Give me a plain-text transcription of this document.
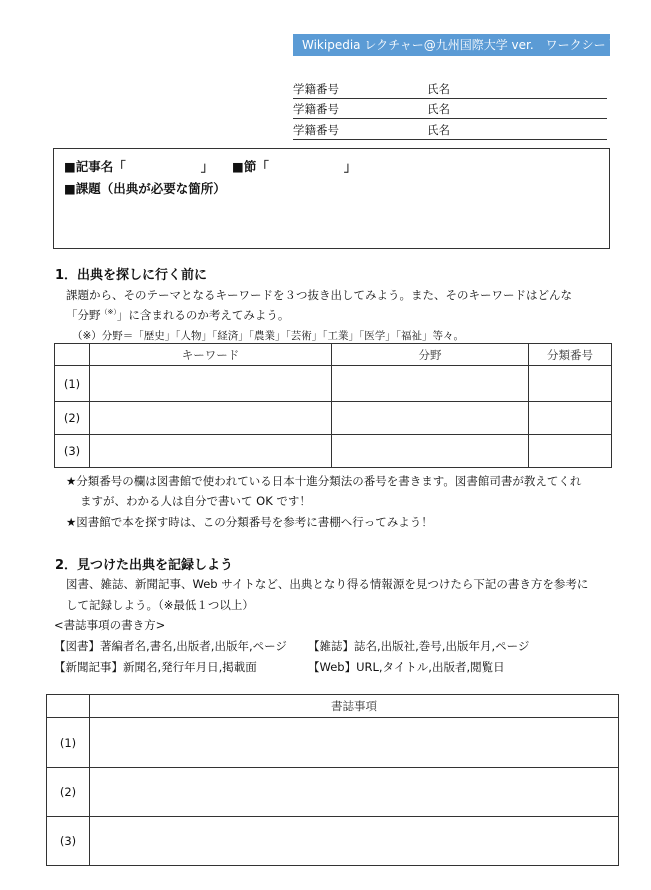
Wikipedia レクチャー@九州国際大学 ver.　ワークシート
学籍番号	氏名
学籍番号	氏名
学籍番号	氏名
■記事名「　　　　　　」　　■節「　　　　　　」
■課題（出典が必要な箇所）
1．出典を探しに行く前に
課題から、そのテーマとなるキーワードを３つ抜き出してみよう。また、そのキーワードはどんな
「分野（※）」に含まれるのか考えてみよう。
（※）分野＝「歴史」「人物」「経済」「農業」「芸術」「工業」「医学」「福祉」等々。
	キーワード	分野	分類番号
(1)			
(2)			
(3)			
★分類番号の欄は図書館で使われている日本十進分類法の番号を書きます。図書館司書が教えてくれ
ますが、わかる人は自分で書いて OK です！
★図書館で本を探す時は、この分類番号を参考に書棚へ行ってみよう！
2．見つけた出典を記録しよう
図書、雑誌、新聞記事、Web サイトなど、出典となり得る情報源を見つけたら下記の書き方を参考に
して記録しよう。（※最低１つ以上）
<書誌事項の書き方>
【図書】著編者名,書名,出版者,出版年,ページ 【雑誌】誌名,出版社,巻号,出版年月,ページ
【新聞記事】新聞名,発行年月日,掲載面	【Web】URL,タイトル,出版者,閲覧日
	書誌事項
(1)	
(2)	
(3)	
